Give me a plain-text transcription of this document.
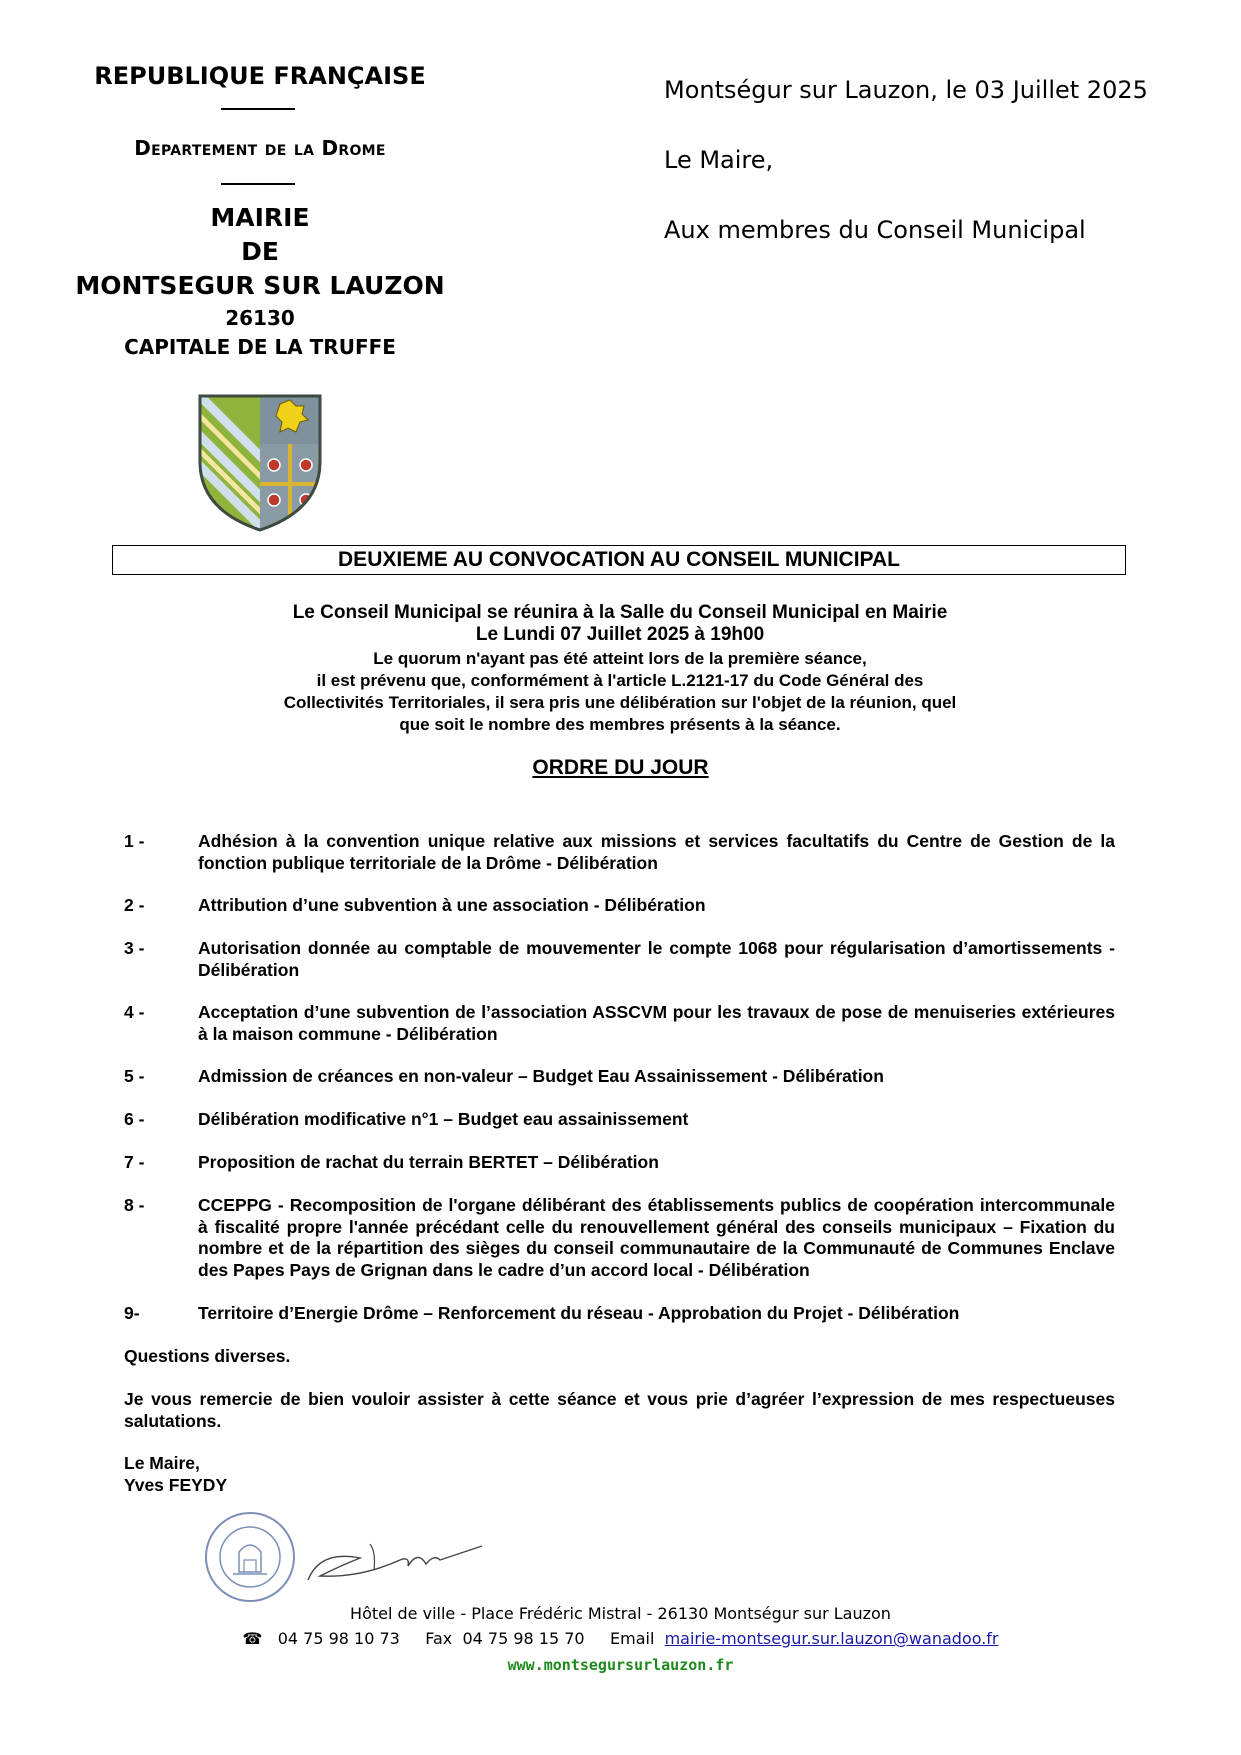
REPUBLIQUE FRANÇAISE
Departement de la Drome
MAIRIE
DE
MONTSEGUR SUR LAUZON
26130
CAPITALE DE LA TRUFFE
Montségur sur Lauzon, le 03 Juillet 2025
Le Maire,
Aux membres du Conseil Municipal
DEUXIEME AU CONVOCATION AU CONSEIL MUNICIPAL
Le Conseil Municipal se réunira à la Salle du Conseil Municipal en Mairie
Le Lundi 07 Juillet 2025 à 19h00
Le quorum n'ayant pas été atteint lors de la première séance,
il est prévenu que, conformément à l'article L.2121-17 du Code Général des
Collectivités Territoriales, il sera pris une délibération sur l'objet de la réunion, quel
que soit le nombre des membres présents à la séance.
ORDRE DU JOUR
1 -	Adhésion à la convention unique relative aux missions et services facultatifs du Centre de Gestion de la fonction publique territoriale de la Drôme - Délibération
2 -	Attribution d’une subvention à une association - Délibération
3 -	Autorisation donnée au comptable de mouvementer le compte 1068 pour régularisation d’amortissements - Délibération
4 -	Acceptation d’une subvention de l’association ASSCVM pour les travaux de pose de menuiseries extérieures à la maison commune - Délibération
5 -	Admission de créances en non-valeur – Budget Eau Assainissement - Délibération
6 -	Délibération modificative n°1 – Budget eau assainissement
7 -	Proposition de rachat du terrain BERTET – Délibération
8 -	CCEPPG - Recomposition de l'organe délibérant des établissements publics de coopération intercommunale à fiscalité propre l'année précédant celle du renouvellement général des conseils municipaux – Fixation du nombre et de la répartition des sièges du conseil communautaire de la Communauté de Communes Enclave des Papes Pays de Grignan dans le cadre d’un accord local - Délibération
9-	Territoire d’Energie Drôme – Renforcement du réseau - Approbation du Projet - Délibération
Questions diverses.
Je vous remercie de bien vouloir assister à cette séance et vous prie d’agréer l’expression de mes respectueuses salutations.
Le Maire,
Yves FEYDY
Hôtel de ville - Place Frédéric Mistral - 26130 Montségur sur Lauzon
☎ 04 75 98 10 73 Fax 04 75 98 15 70 Email mairie-montsegur.sur.lauzon@wanadoo.fr
www.montsegursurlauzon.fr
